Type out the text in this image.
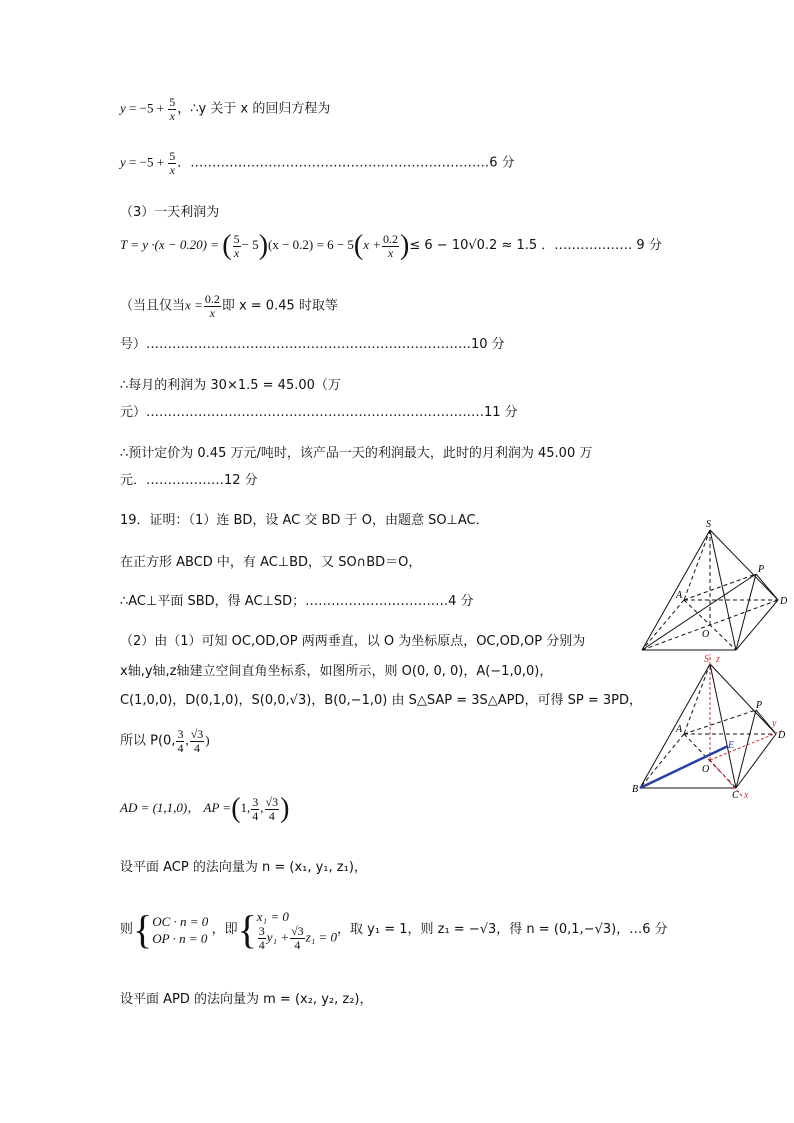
$y = -5 + \frac{5}{x}$ ，∴y 关于 x 的回归方程为
$y = -5 + \frac{5}{x}$ ．……………………………………………………………6 分
（3）一天利润为
T = y ·(x − 0.20) = ( $\frac{5}{x} - 5)(x - 0.2) = 6 - 5(x + \frac{0.2}{x}$ )≤ 6 − 10√0.2 ≈ 1.5 ．……………… 9 分
（当且仅当$x = \frac{0.2}{x}$ 即 x = 0.45 时取等
号）…………………………………………………………………10 分
∴每月的利润为 30×1.5 = 45.00（万
元）……………………………………………………………………11 分
∴预计定价为 0.45 万元/吨时，该产品一天的利润最大，此时的月利润为 45.00 万
元．………………12 分
19．证明：（1）连 BD，设 AC 交 BD 于 O，由题意 SO⊥AC．
在正方形 ABCD 中，有 AC⊥BD，又 SO∩BD＝O，
∴AC⊥平面 SBD，得 AC⊥SD；……………………………4 分
（2）由（1）可知 OC,OD,OP 两两垂直，以 O 为坐标原点，OC,OD,OP 分别为
x轴,y轴,z轴建立空间直角坐标系，如图所示，则 O(0, 0, 0)，A(−1,0,0)，
C(1,0,0)，D(0,1,0)，S(0,0,√3)，B(0,−1,0) 由 S△SAP = 3S△APD，可得 SP = 3PD，
所以 P(0, $\frac{3}{4}$ , $\frac{√3}{4}$ )
AD = (1,1,0)， AP =(1, $\frac{3}{4}$ , $\frac{√3}{4}$ )
设平面 ACP 的法向量为 n = (x₁, y₁, z₁)，
则{ OC · n = 0
OP · n = 0
，即{ x₁ = 0
$\frac{3}{4} y_1 + \frac{√3}{4} z_1 = 0$ ，取 y₁ = 1，则 z₁ = −√3，得 n = (0,1,−√3)，…6 分
设平面 APD 的法向量为 m = (x₂, y₂, z₂)，
S
P
A
D
O
S z
P
y
A
E
D
O
B
C x
